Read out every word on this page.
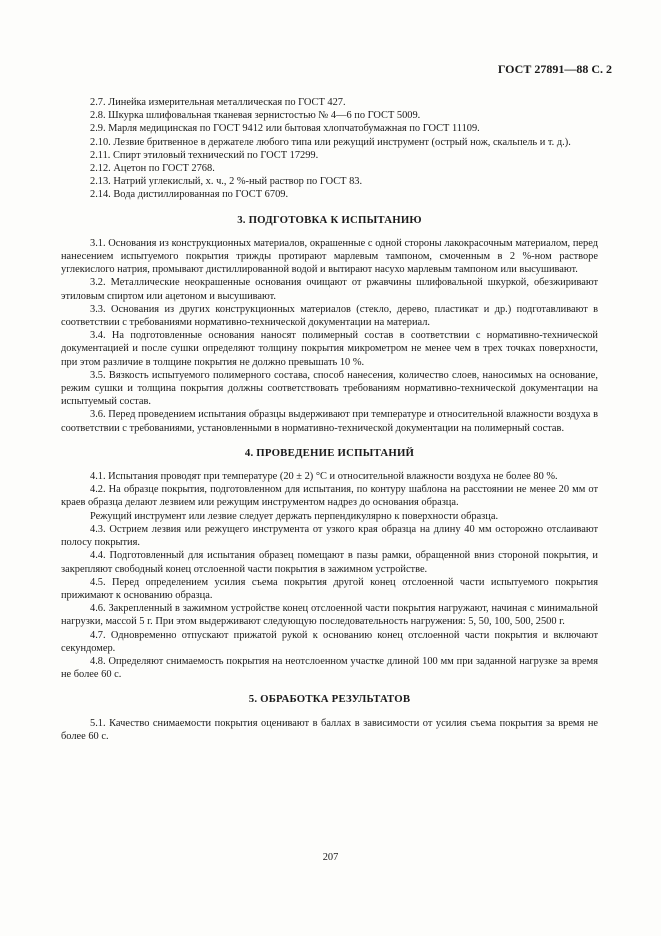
ГОСТ 27891—88 С. 2

2.7. Линейка измерительная металлическая по ГОСТ 427.

2.8. Шкурка шлифовальная тканевая зернистостью № 4—6 по ГОСТ 5009.

2.9. Марля медицинская по ГОСТ 9412 или бытовая хлопчатобумажная по ГОСТ 11109.

2.10. Лезвие бритвенное в держателе любого типа или режущий инструмент (острый нож, скальпель и т. д.).

2.11. Спирт этиловый технический по ГОСТ 17299.

2.12. Ацетон по ГОСТ 2768.

2.13. Натрий углекислый, х. ч., 2 %-ный раствор по ГОСТ 83.

2.14. Вода дистиллированная по ГОСТ 6709.

3. ПОДГОТОВКА К ИСПЫТАНИЮ

3.1. Основания из конструкционных материалов, окрашенные с одной стороны лакокрасочным материалом, перед нанесением испытуемого покрытия трижды протирают марлевым тампоном, смоченным в 2 %-ном растворе углекислого натрия, промывают дистиллированной водой и вытирают насухо марлевым тампоном или высушивают.

3.2. Металлические неокрашенные основания очищают от ржавчины шлифовальной шкуркой, обезжиривают этиловым спиртом или ацетоном и высушивают.

3.3. Основания из других конструкционных материалов (стекло, дерево, пластикат и др.) подготавливают в соответствии с требованиями нормативно-технической документации на материал.

3.4. На подготовленные основания наносят полимерный состав в соответствии с нормативно-технической документацией и после сушки определяют толщину покрытия микрометром не менее чем в трех точках поверхности, при этом различие в толщине покрытия не должно превышать 10 %.

3.5. Вязкость испытуемого полимерного состава, способ нанесения, количество слоев, наносимых на основание, режим сушки и толщина покрытия должны соответствовать требованиям нормативно-технической документации на испытуемый состав.

3.6. Перед проведением испытания образцы выдерживают при температуре и относительной влажности воздуха в соответствии с требованиями, установленными в нормативно-технической документации на полимерный состав.

4. ПРОВЕДЕНИЕ ИСПЫТАНИЙ

4.1. Испытания проводят при температуре (20 ± 2) °С и относительной влажности воздуха не более 80 %.

4.2. На образце покрытия, подготовленном для испытания, по контуру шаблона на расстоянии не менее 20 мм от краев образца делают лезвием или режущим инструментом надрез до основания образца.

Режущий инструмент или лезвие следует держать перпендикулярно к поверхности образца.

4.3. Острием лезвия или режущего инструмента от узкого края образца на длину 40 мм осторожно отслаивают полосу покрытия.

4.4. Подготовленный для испытания образец помещают в пазы рамки, обращенной вниз стороной покрытия, и закрепляют свободный конец отслоенной части покрытия в зажимном устройстве.

4.5. Перед определением усилия съема покрытия другой конец отслоенной части испытуемого покрытия прижимают к основанию образца.

4.6. Закрепленный в зажимном устройстве конец отслоенной части покрытия нагружают, начиная с минимальной нагрузки, массой 5 г. При этом выдерживают следующую последовательность нагружения: 5, 50, 100, 500, 2500 г.

4.7. Одновременно отпускают прижатой рукой к основанию конец отслоенной части покрытия и включают секундомер.

4.8. Определяют снимаемость покрытия на неотслоенном участке длиной 100 мм при заданной нагрузке за время не более 60 с.

5. ОБРАБОТКА РЕЗУЛЬТАТОВ

5.1. Качество снимаемости покрытия оценивают в баллах в зависимости от усилия съема покрытия за время не более 60 с.

207
